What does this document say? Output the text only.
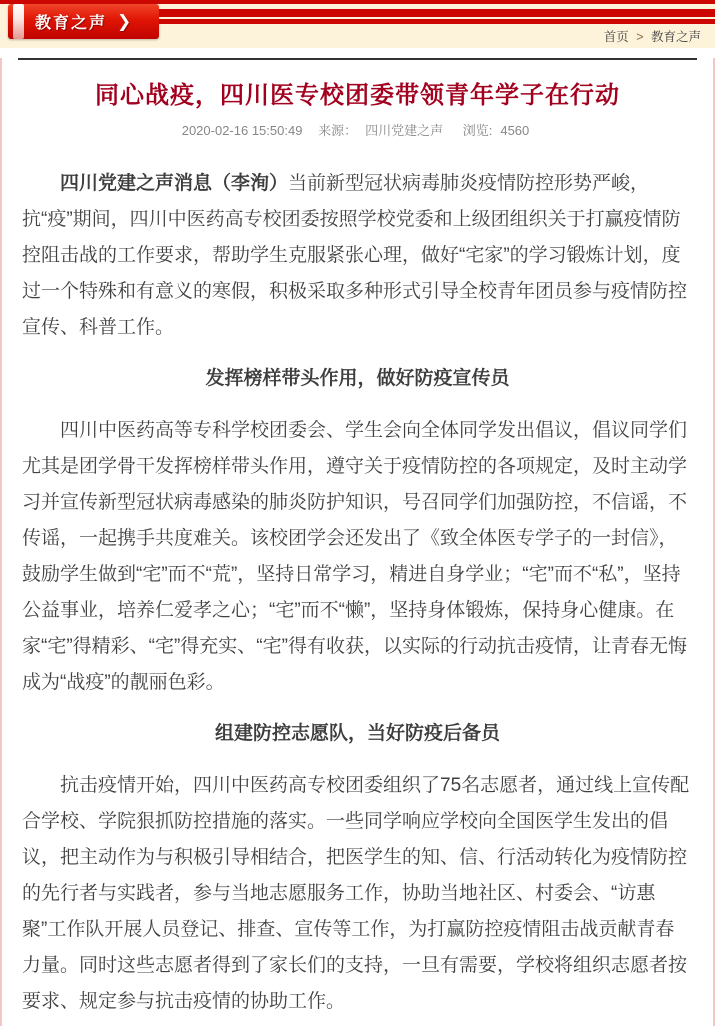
教育之声 ❯
首页 > 教育之声
同心战疫，四川医专校团委带领青年学子在行动
2020-02-16 15:50:49 来源： 四川党建之声 浏览: 4560

四川党建之声消息（李洵）当前新型冠状病毒肺炎疫情防控形势严峻，抗“疫”期间，四川中医药高专校团委按照学校党委和上级团组织关于打赢疫情防控阻击战的工作要求，帮助学生克服紧张心理，做好“宅家”的学习锻炼计划，度过一个特殊和有意义的寒假，积极采取多种形式引导全校青年团员参与疫情防控宣传、科普工作。

发挥榜样带头作用，做好防疫宣传员

四川中医药高等专科学校团委会、学生会向全体同学发出倡议，倡议同学们尤其是团学骨干发挥榜样带头作用，遵守关于疫情防控的各项规定，及时主动学习并宣传新型冠状病毒感染的肺炎防护知识，号召同学们加强防控，不信谣，不传谣，一起携手共度难关。该校团学会还发出了《致全体医专学子的一封信》，鼓励学生做到“宅”而不“荒”，坚持日常学习，精进自身学业；“宅”而不“私”，坚持公益事业，培养仁爱孝之心；“宅”而不“懒”，坚持身体锻炼，保持身心健康。在家“宅”得精彩、“宅”得充实、“宅”得有收获，以实际的行动抗击疫情，让青春无悔成为“战疫”的靓丽色彩。

组建防控志愿队，当好防疫后备员

抗击疫情开始，四川中医药高专校团委组织了75名志愿者，通过线上宣传配合学校、学院狠抓防控措施的落实。一些同学响应学校向全国医学生发出的倡议，把主动作为与积极引导相结合，把医学生的知、信、行活动转化为疫情防控的先行者与实践者，参与当地志愿服务工作，协助当地社区、村委会、“访惠聚”工作队开展人员登记、排查、宣传等工作，为打赢防控疫情阻击战贡献青春力量。同时这些志愿者得到了家长们的支持，一旦有需要，学校将组织志愿者按要求、规定参与抗击疫情的协助工作。
